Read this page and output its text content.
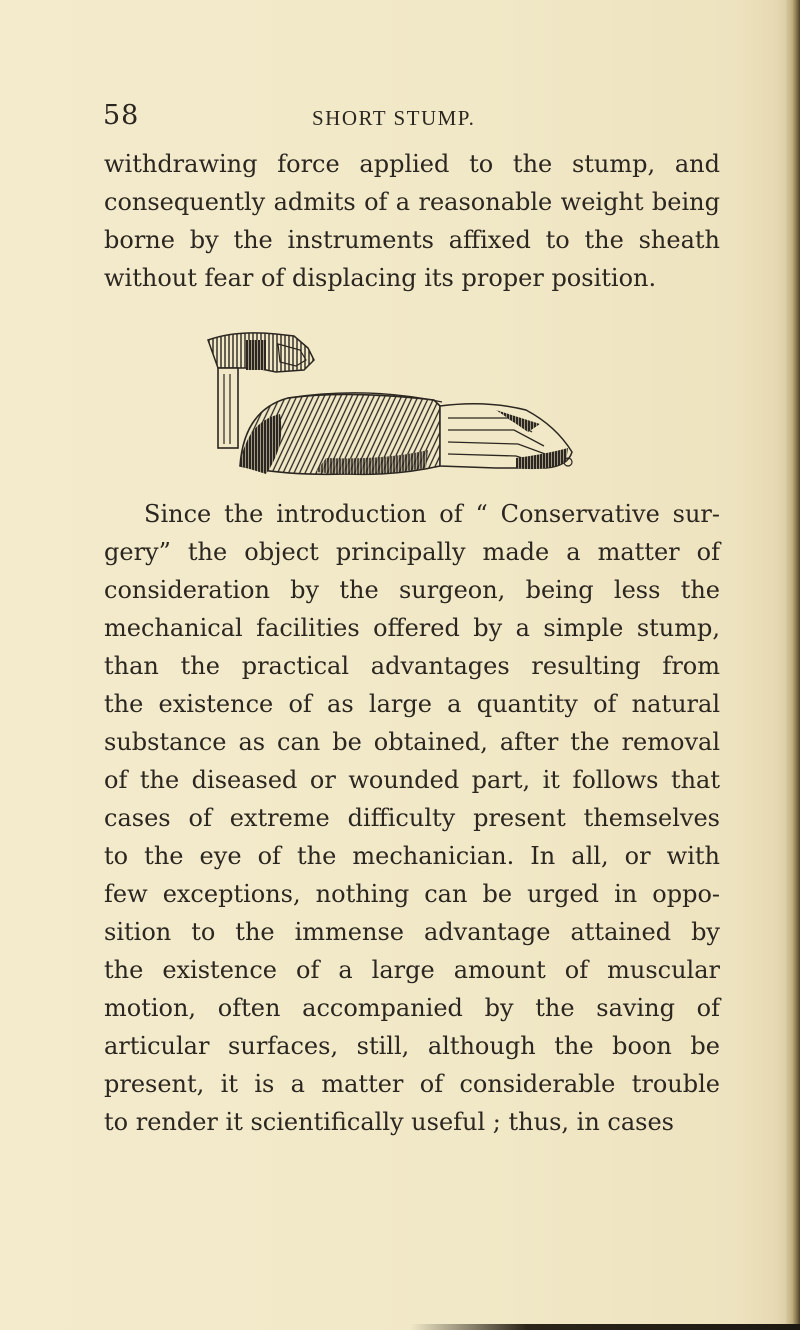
58	SHORT STUMP.
withdrawing force applied to the stump, and
consequently admits of a reasonable weight being
borne by the instruments affixed to the sheath
without fear of displacing its proper position.
Since the introduction of “ Conservative sur-
gery” the object principally made a matter of
consideration by the surgeon, being less the
mechanical facilities offered by a simple stump,
than the practical advantages resulting from
the existence of as large a quantity of natural
substance as can be obtained, after the removal
of the diseased or wounded part, it follows that
cases of extreme difficulty present themselves
to the eye of the mechanician. In all, or with
few exceptions, nothing can be urged in oppo-
sition to the immense advantage attained by
the existence of a large amount of muscular
motion, often accompanied by the saving of
articular surfaces, still, although the boon be
present, it is a matter of considerable trouble
to render it scientifically useful ; thus, in cases
